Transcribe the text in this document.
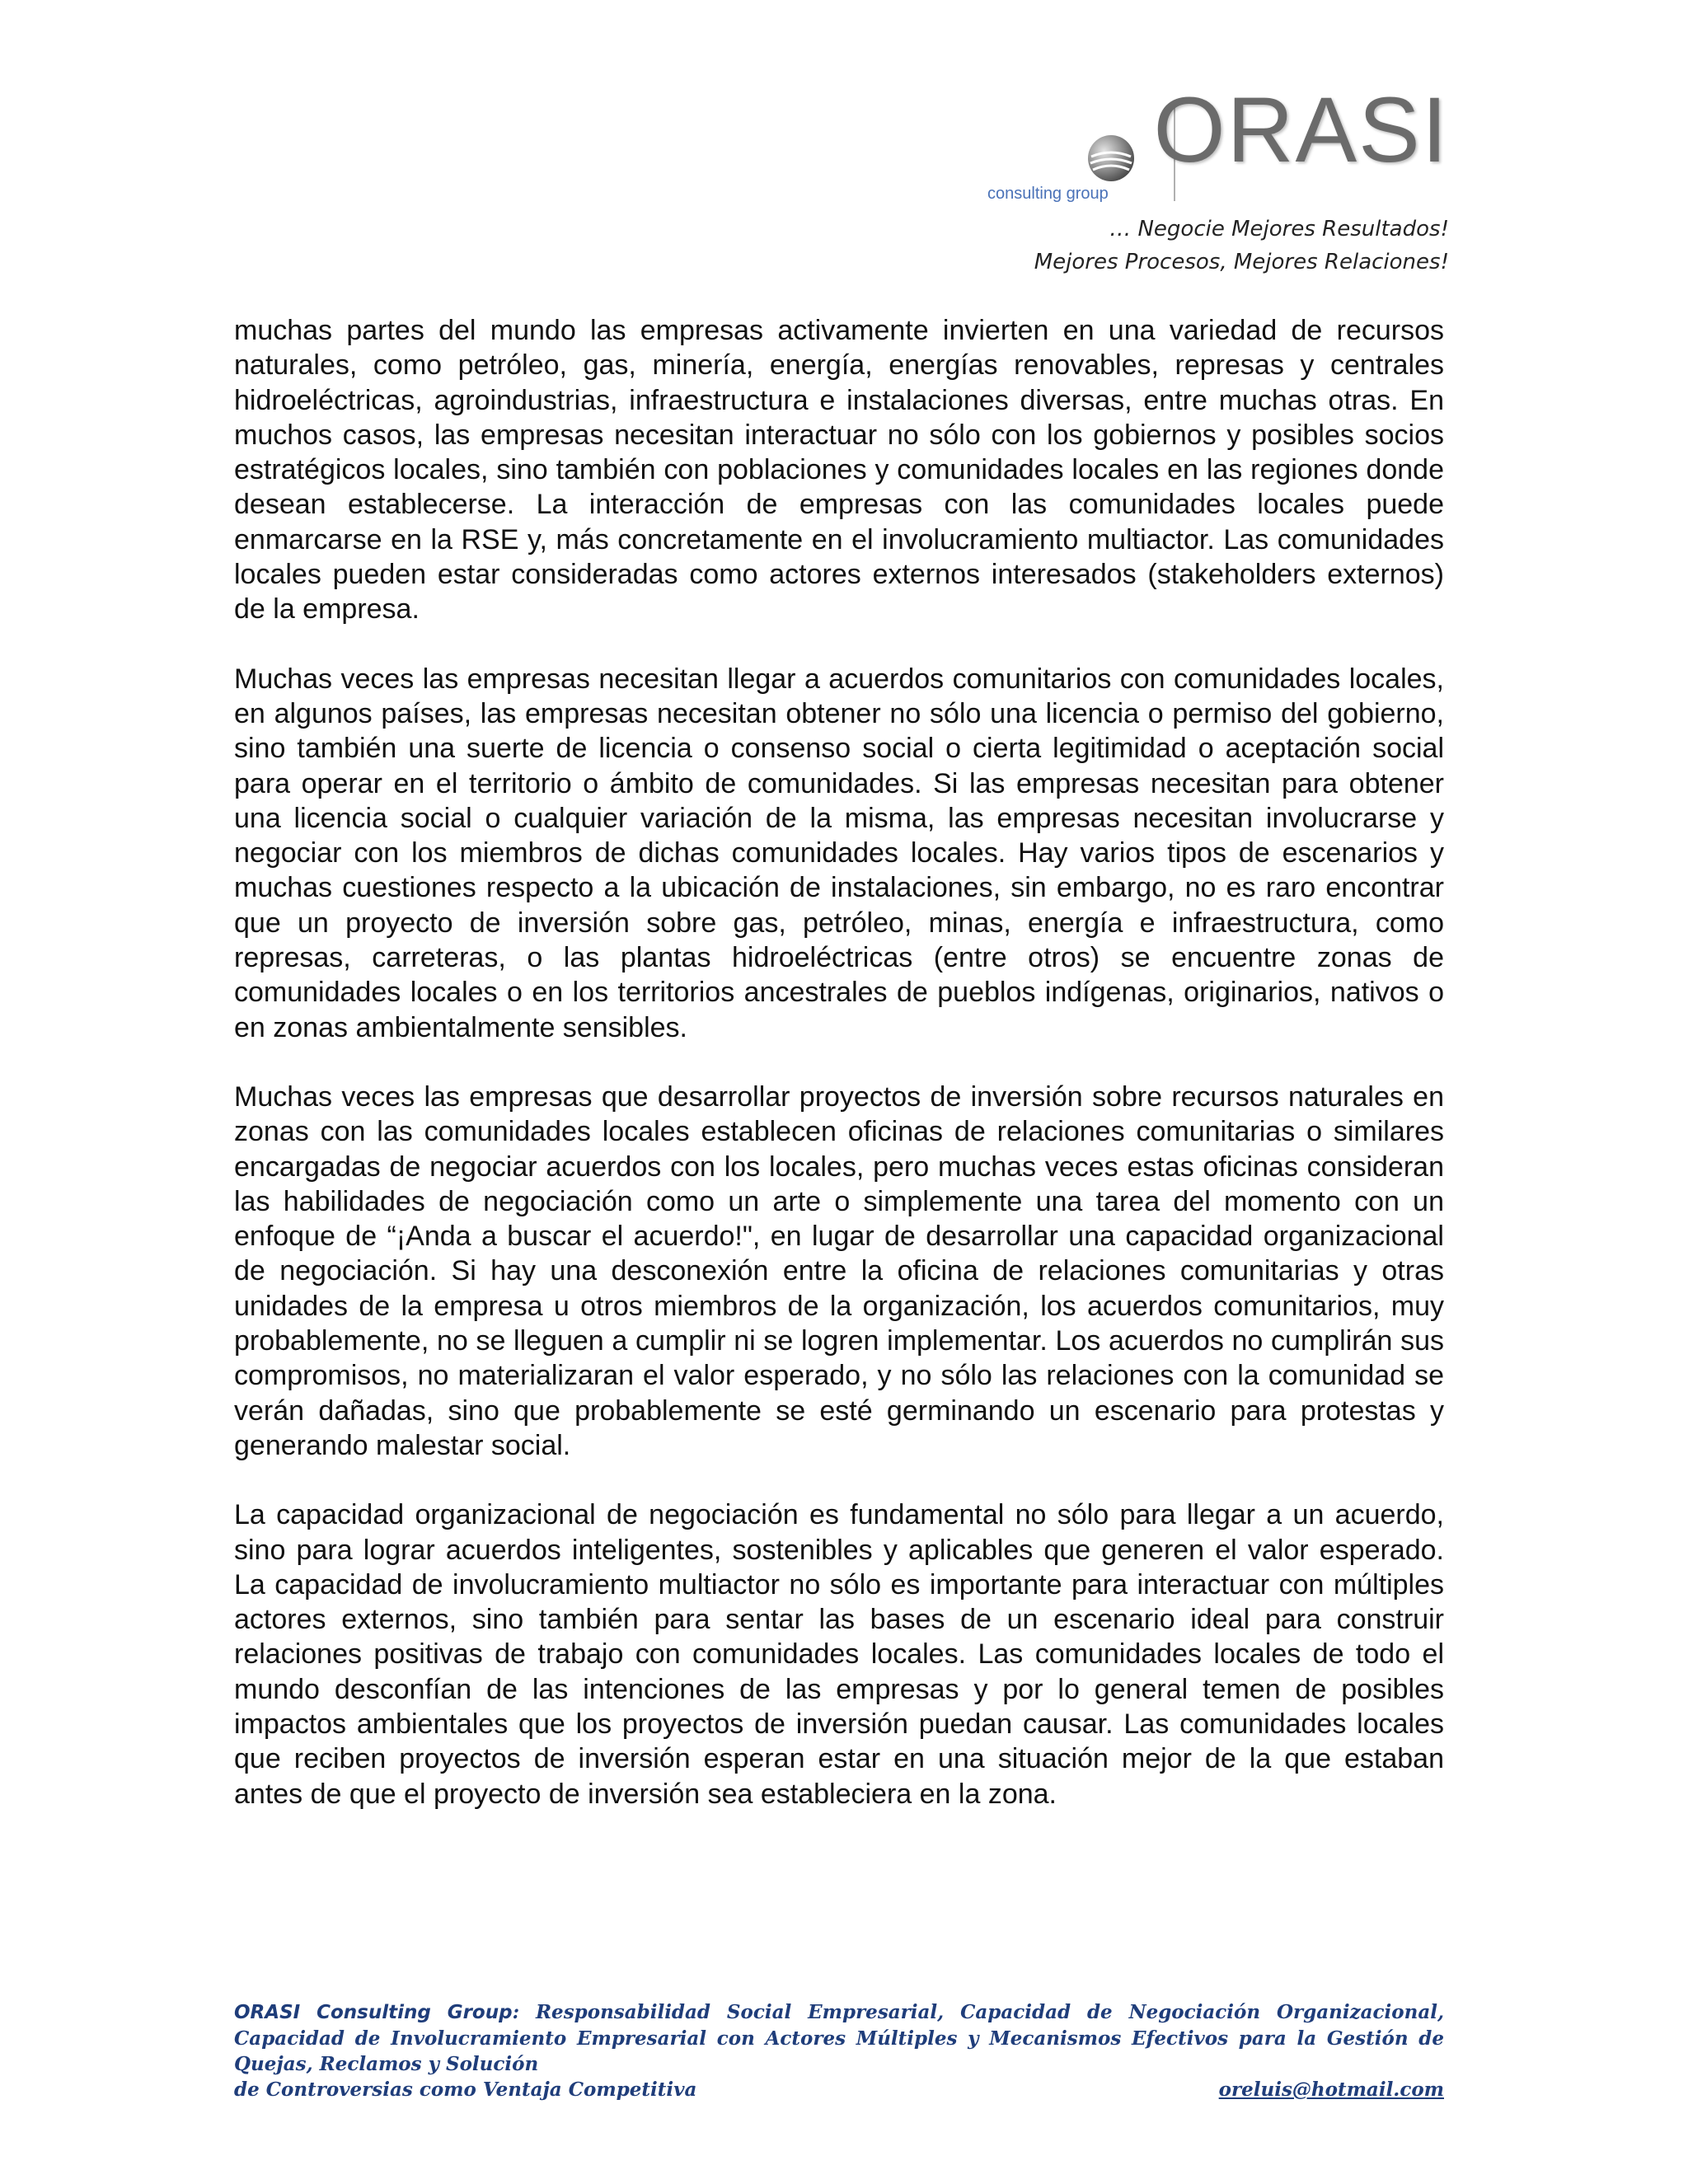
ORASI
consulting group
… Negocie Mejores Resultados!
Mejores Procesos, Mejores Relaciones!

muchas partes del mundo las empresas activamente invierten en una variedad de recursos naturales, como petróleo, gas, minería, energía, energías renovables, represas y centrales hidroeléctricas, agroindustrias, infraestructura e instalaciones diversas, entre muchas otras. En muchos casos, las empresas necesitan interactuar no sólo con los gobiernos y posibles socios estratégicos locales, sino también con poblaciones y comunidades locales en las regiones donde desean establecerse. La interacción de empresas con las comunidades locales puede enmarcarse en la RSE y, más concretamente en el involucramiento multiactor. Las comunidades locales pueden estar consideradas como actores externos interesados (stakeholders externos) de la empresa.

Muchas veces las empresas necesitan llegar a acuerdos comunitarios con comunidades locales, en algunos países, las empresas necesitan obtener no sólo una licencia o permiso del gobierno, sino también una suerte de licencia o consenso social o cierta legitimidad o aceptación social para operar en el territorio o ámbito de comunidades. Si las empresas necesitan para obtener una licencia social o cualquier variación de la misma, las empresas necesitan involucrarse y negociar con los miembros de dichas comunidades locales. Hay varios tipos de escenarios y muchas cuestiones respecto a la ubicación de instalaciones, sin embargo, no es raro encontrar que un proyecto de inversión sobre gas, petróleo, minas, energía e infraestructura, como represas, carreteras, o las plantas hidroeléctricas (entre otros) se encuentre zonas de comunidades locales o en los territorios ancestrales de pueblos indígenas, originarios, nativos o en zonas ambientalmente sensibles.

Muchas veces las empresas que desarrollar proyectos de inversión sobre recursos naturales en zonas con las comunidades locales establecen oficinas de relaciones comunitarias o similares encargadas de negociar acuerdos con los locales, pero muchas veces estas oficinas consideran las habilidades de negociación como un arte o simplemente una tarea del momento con un enfoque de “¡Anda a buscar el acuerdo!", en lugar de desarrollar una capacidad organizacional de negociación. Si hay una desconexión entre la oficina de relaciones comunitarias y otras unidades de la empresa u otros miembros de la organización, los acuerdos comunitarios, muy probablemente, no se lleguen a cumplir ni se logren implementar. Los acuerdos no cumplirán sus compromisos, no materializaran el valor esperado, y no sólo las relaciones con la comunidad se verán dañadas, sino que probablemente se esté germinando un escenario para protestas y generando malestar social.

La capacidad organizacional de negociación es fundamental no sólo para llegar a un acuerdo, sino para lograr acuerdos inteligentes, sostenibles y aplicables que generen el valor esperado. La capacidad de involucramiento multiactor no sólo es importante para interactuar con múltiples actores externos, sino también para sentar las bases de un escenario ideal para construir relaciones positivas de trabajo con comunidades locales. Las comunidades locales de todo el mundo desconfían de las intenciones de las empresas y por lo general temen de posibles impactos ambientales que los proyectos de inversión puedan causar. Las comunidades locales que reciben proyectos de inversión esperan estar en una situación mejor de la que estaban antes de que el proyecto de inversión sea estableciera en la zona.

ORASI Consulting Group: Responsabilidad Social Empresarial, Capacidad de Negociación Organizacional, Capacidad de Involucramiento Empresarial con Actores Múltiples y Mecanismos Efectivos para la Gestión de Quejas, Reclamos y Solución
de Controversias como Ventaja Competitiva	oreluis@hotmail.com
